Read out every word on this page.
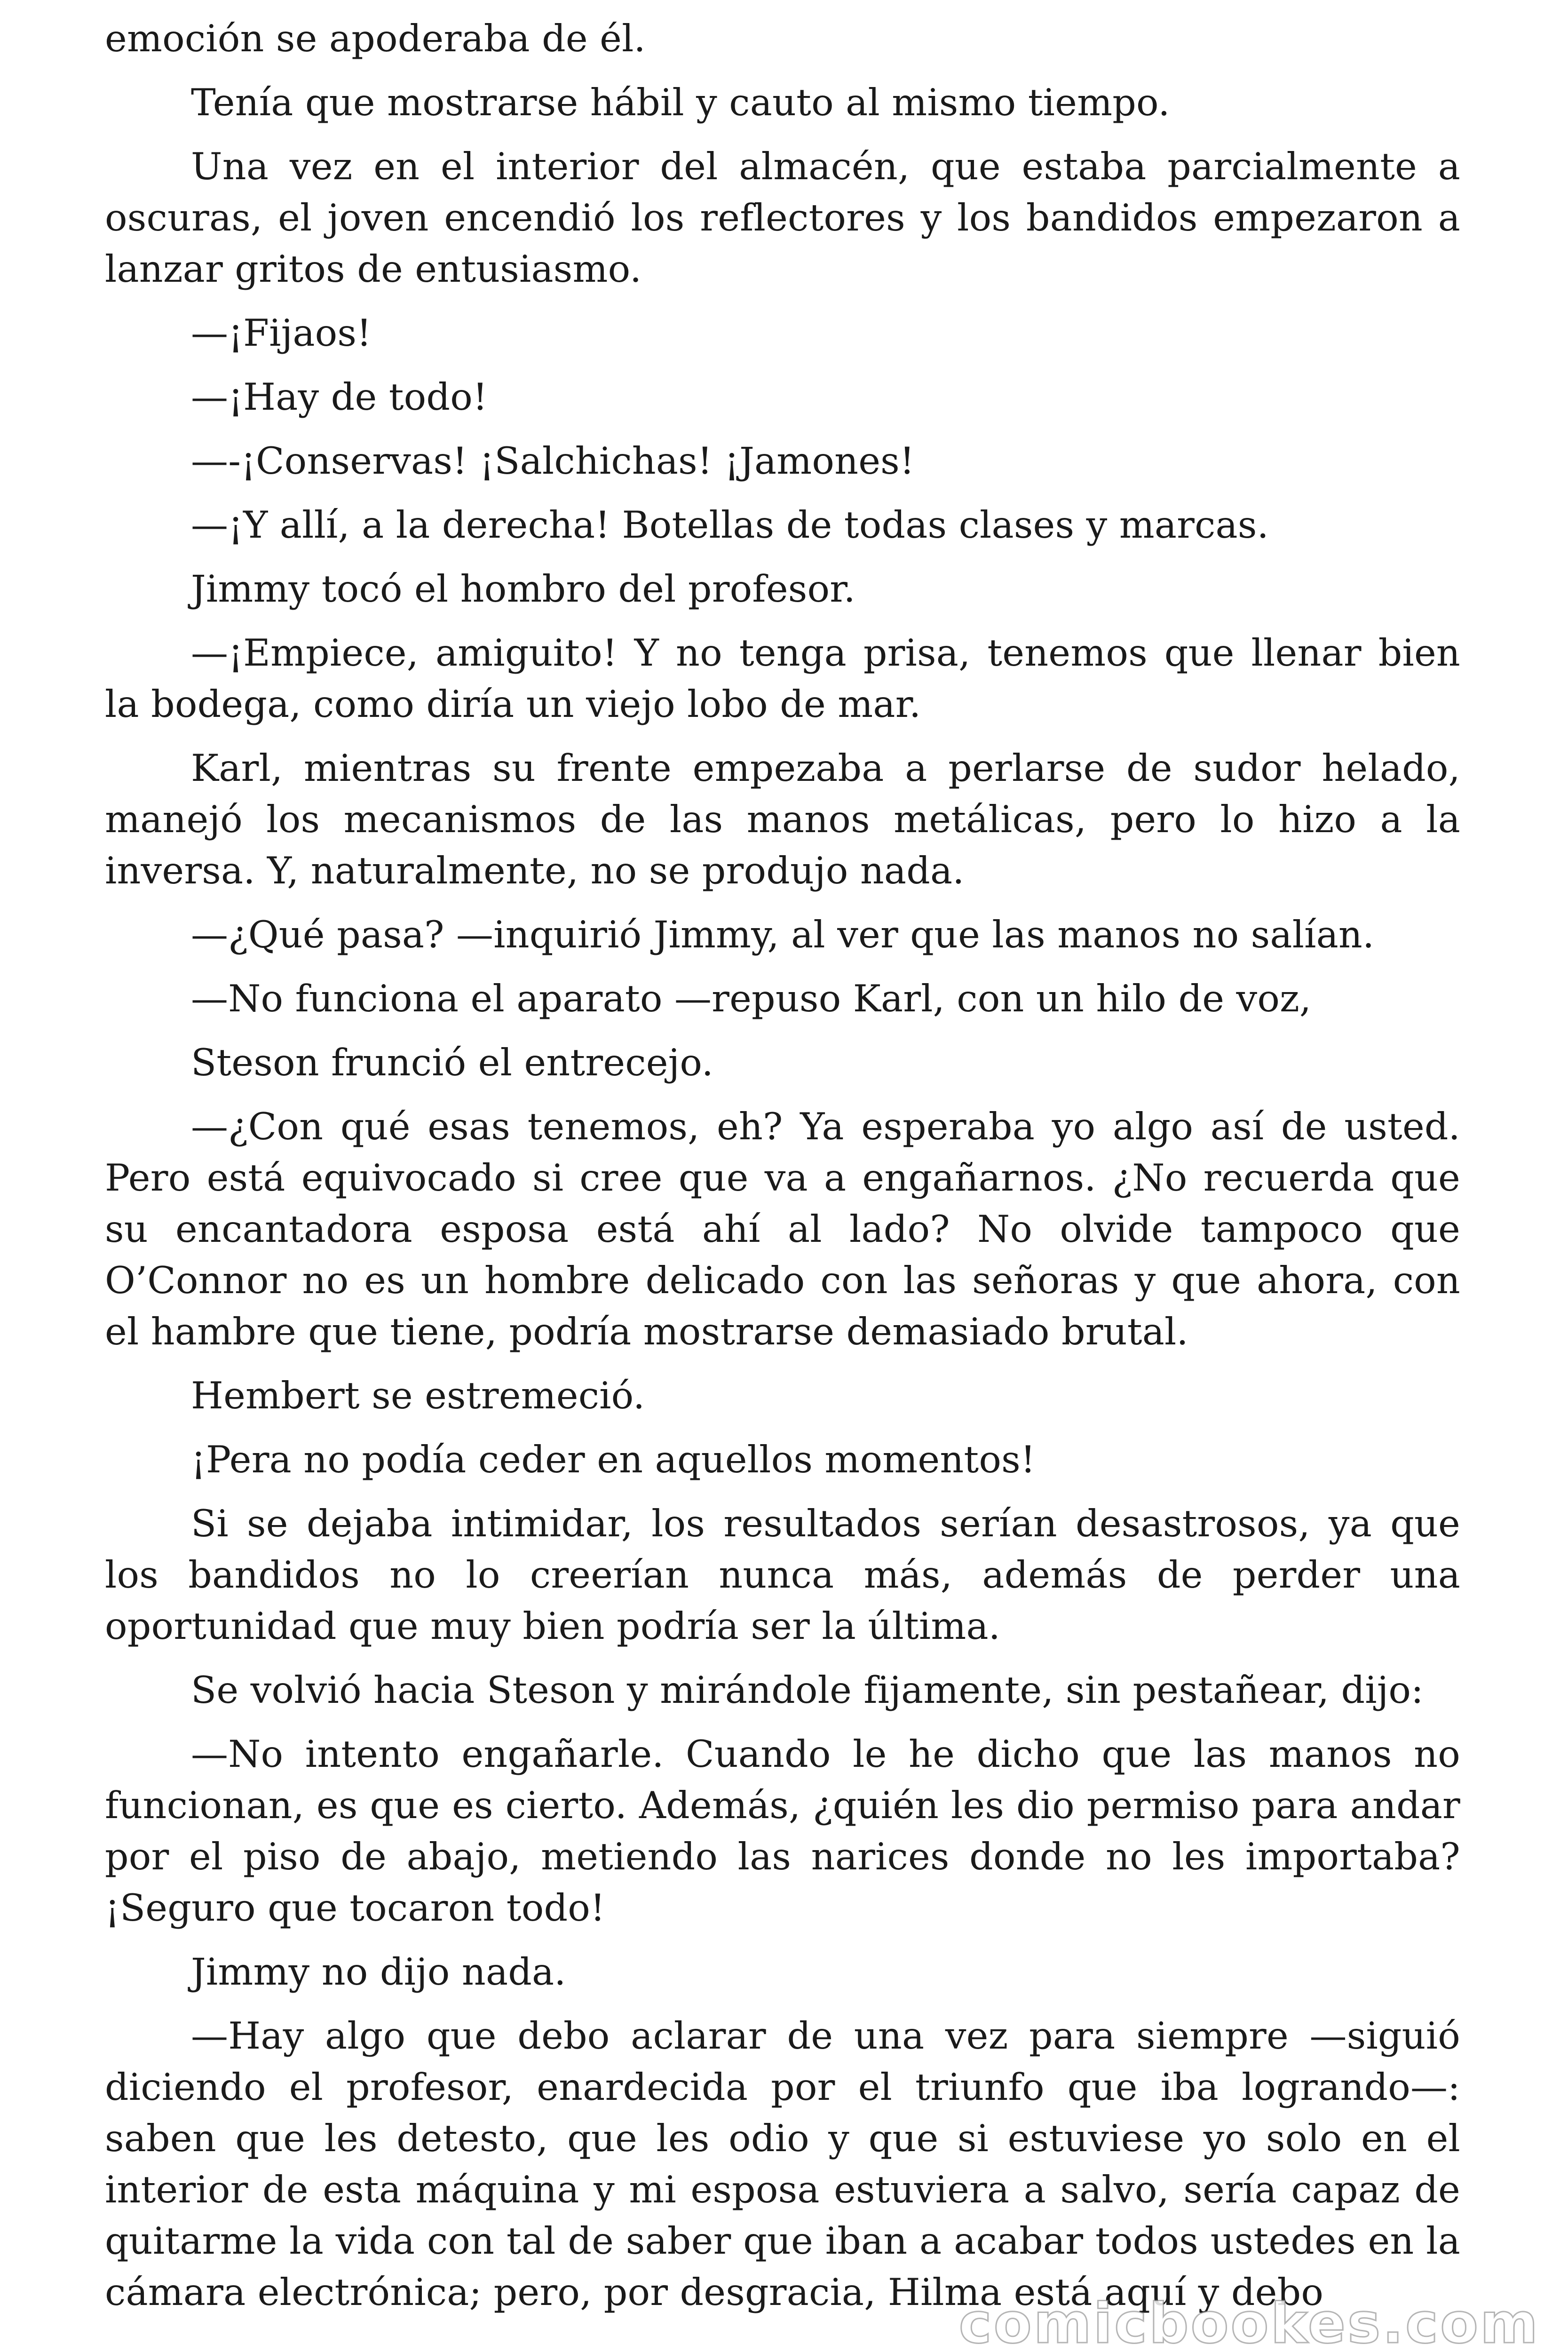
emoción se apoderaba de él.

Tenía que mostrarse hábil y cauto al mismo tiempo.

Una vez en el interior del almacén, que estaba parcialmente a oscuras, el joven encendió los reflectores y los bandidos empezaron a lanzar gritos de entusiasmo.

—¡Fijaos!

—¡Hay de todo!

—-¡Conservas! ¡Salchichas! ¡Jamones!

—¡Y allí, a la derecha! Botellas de todas clases y marcas.

Jimmy tocó el hombro del profesor.

—¡Empiece, amiguito! Y no tenga prisa, tenemos que llenar bien la bodega, como diría un viejo lobo de mar.

Karl, mientras su frente empezaba a perlarse de sudor helado, manejó los mecanismos de las manos metálicas, pero lo hizo a la inversa. Y, naturalmente, no se produjo nada.

—¿Qué pasa? —inquirió Jimmy, al ver que las manos no salían.

—No funciona el aparato —repuso Karl, con un hilo de voz,

Steson frunció el entrecejo.

—¿Con qué esas tenemos, eh? Ya esperaba yo algo así de usted. Pero está equivocado si cree que va a engañarnos. ¿No recuerda que su encantadora esposa está ahí al lado? No olvide tampoco que O’Connor no es un hombre delicado con las señoras y que ahora, con el hambre que tiene, podría mostrarse demasiado brutal.

Hembert se estremeció.

¡Pera no podía ceder en aquellos momentos!

Si se dejaba intimidar, los resultados serían desastrosos, ya que los bandidos no lo creerían nunca más, además de perder una oportunidad que muy bien podría ser la última.

Se volvió hacia Steson y mirándole fijamente, sin pestañear, dijo:

—No intento engañarle. Cuando le he dicho que las manos no funcionan, es que es cierto. Además, ¿quién les dio permiso para andar por el piso de abajo, metiendo las narices donde no les importaba? ¡Seguro que tocaron todo!

Jimmy no dijo nada.

—Hay algo que debo aclarar de una vez para siempre —siguió diciendo el profesor, enardecida por el triunfo que iba logrando—: saben que les detesto, que les odio y que si estuviese yo solo en el interior de esta máquina y mi esposa estuviera a salvo, sería capaz de quitarme la vida con tal de saber que iban a acabar todos ustedes en la cámara electrónica; pero, por desgracia, Hilma está aquí y debo

comicbookes.com
